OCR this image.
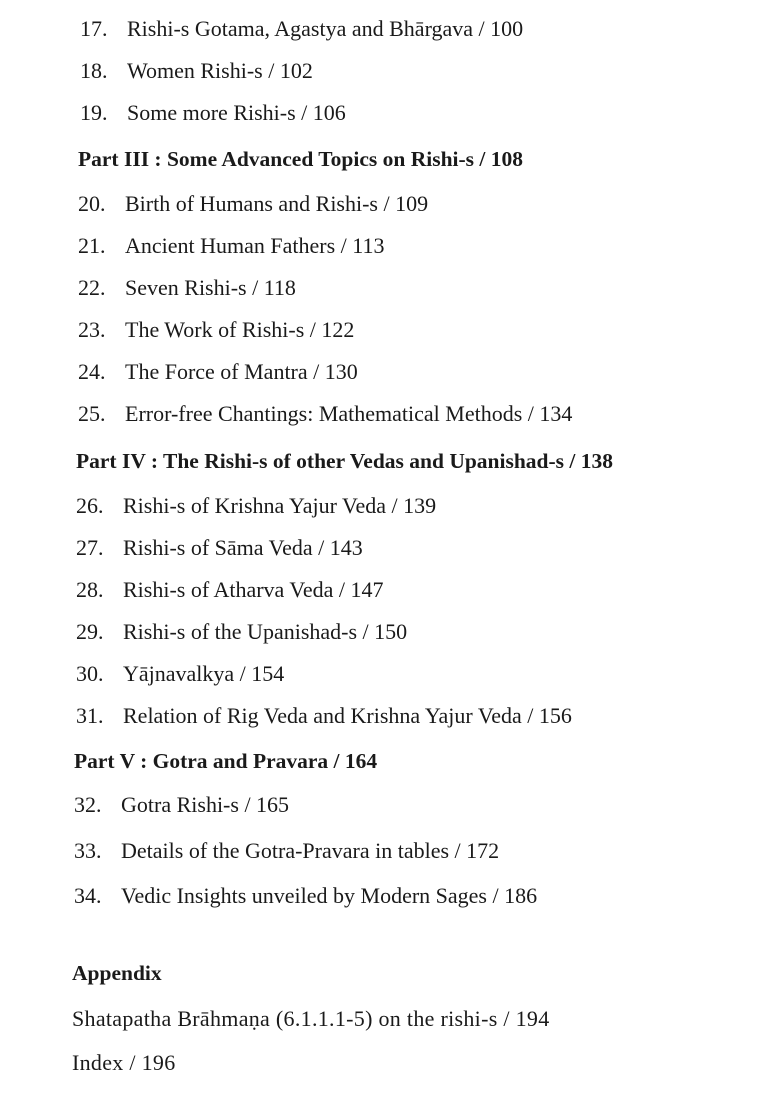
17. Rishi-s Gotama, Agastya and Bhārgava / 100
18. Women Rishi-s / 102
19. Some more Rishi-s / 106
Part III : Some Advanced Topics on Rishi-s / 108
20. Birth of Humans and Rishi-s / 109
21. Ancient Human Fathers / 113
22. Seven Rishi-s / 118
23. The Work of Rishi-s / 122
24. The Force of Mantra / 130
25. Error-free Chantings: Mathematical Methods / 134
Part IV : The Rishi-s of other Vedas and Upanishad-s / 138
26. Rishi-s of Krishna Yajur Veda / 139
27. Rishi-s of Sāma Veda / 143
28. Rishi-s of Atharva Veda / 147
29. Rishi-s of the Upanishad-s / 150
30. Yājnavalkya / 154
31. Relation of Rig Veda and Krishna Yajur Veda / 156
Part V : Gotra and Pravara / 164
32. Gotra Rishi-s / 165
33. Details of the Gotra-Pravara in tables / 172
34. Vedic Insights unveiled by Modern Sages / 186
Appendix
Shatapatha Brāhmaṇa (6.1.1.1-5) on the rishi-s / 194
Index / 196
